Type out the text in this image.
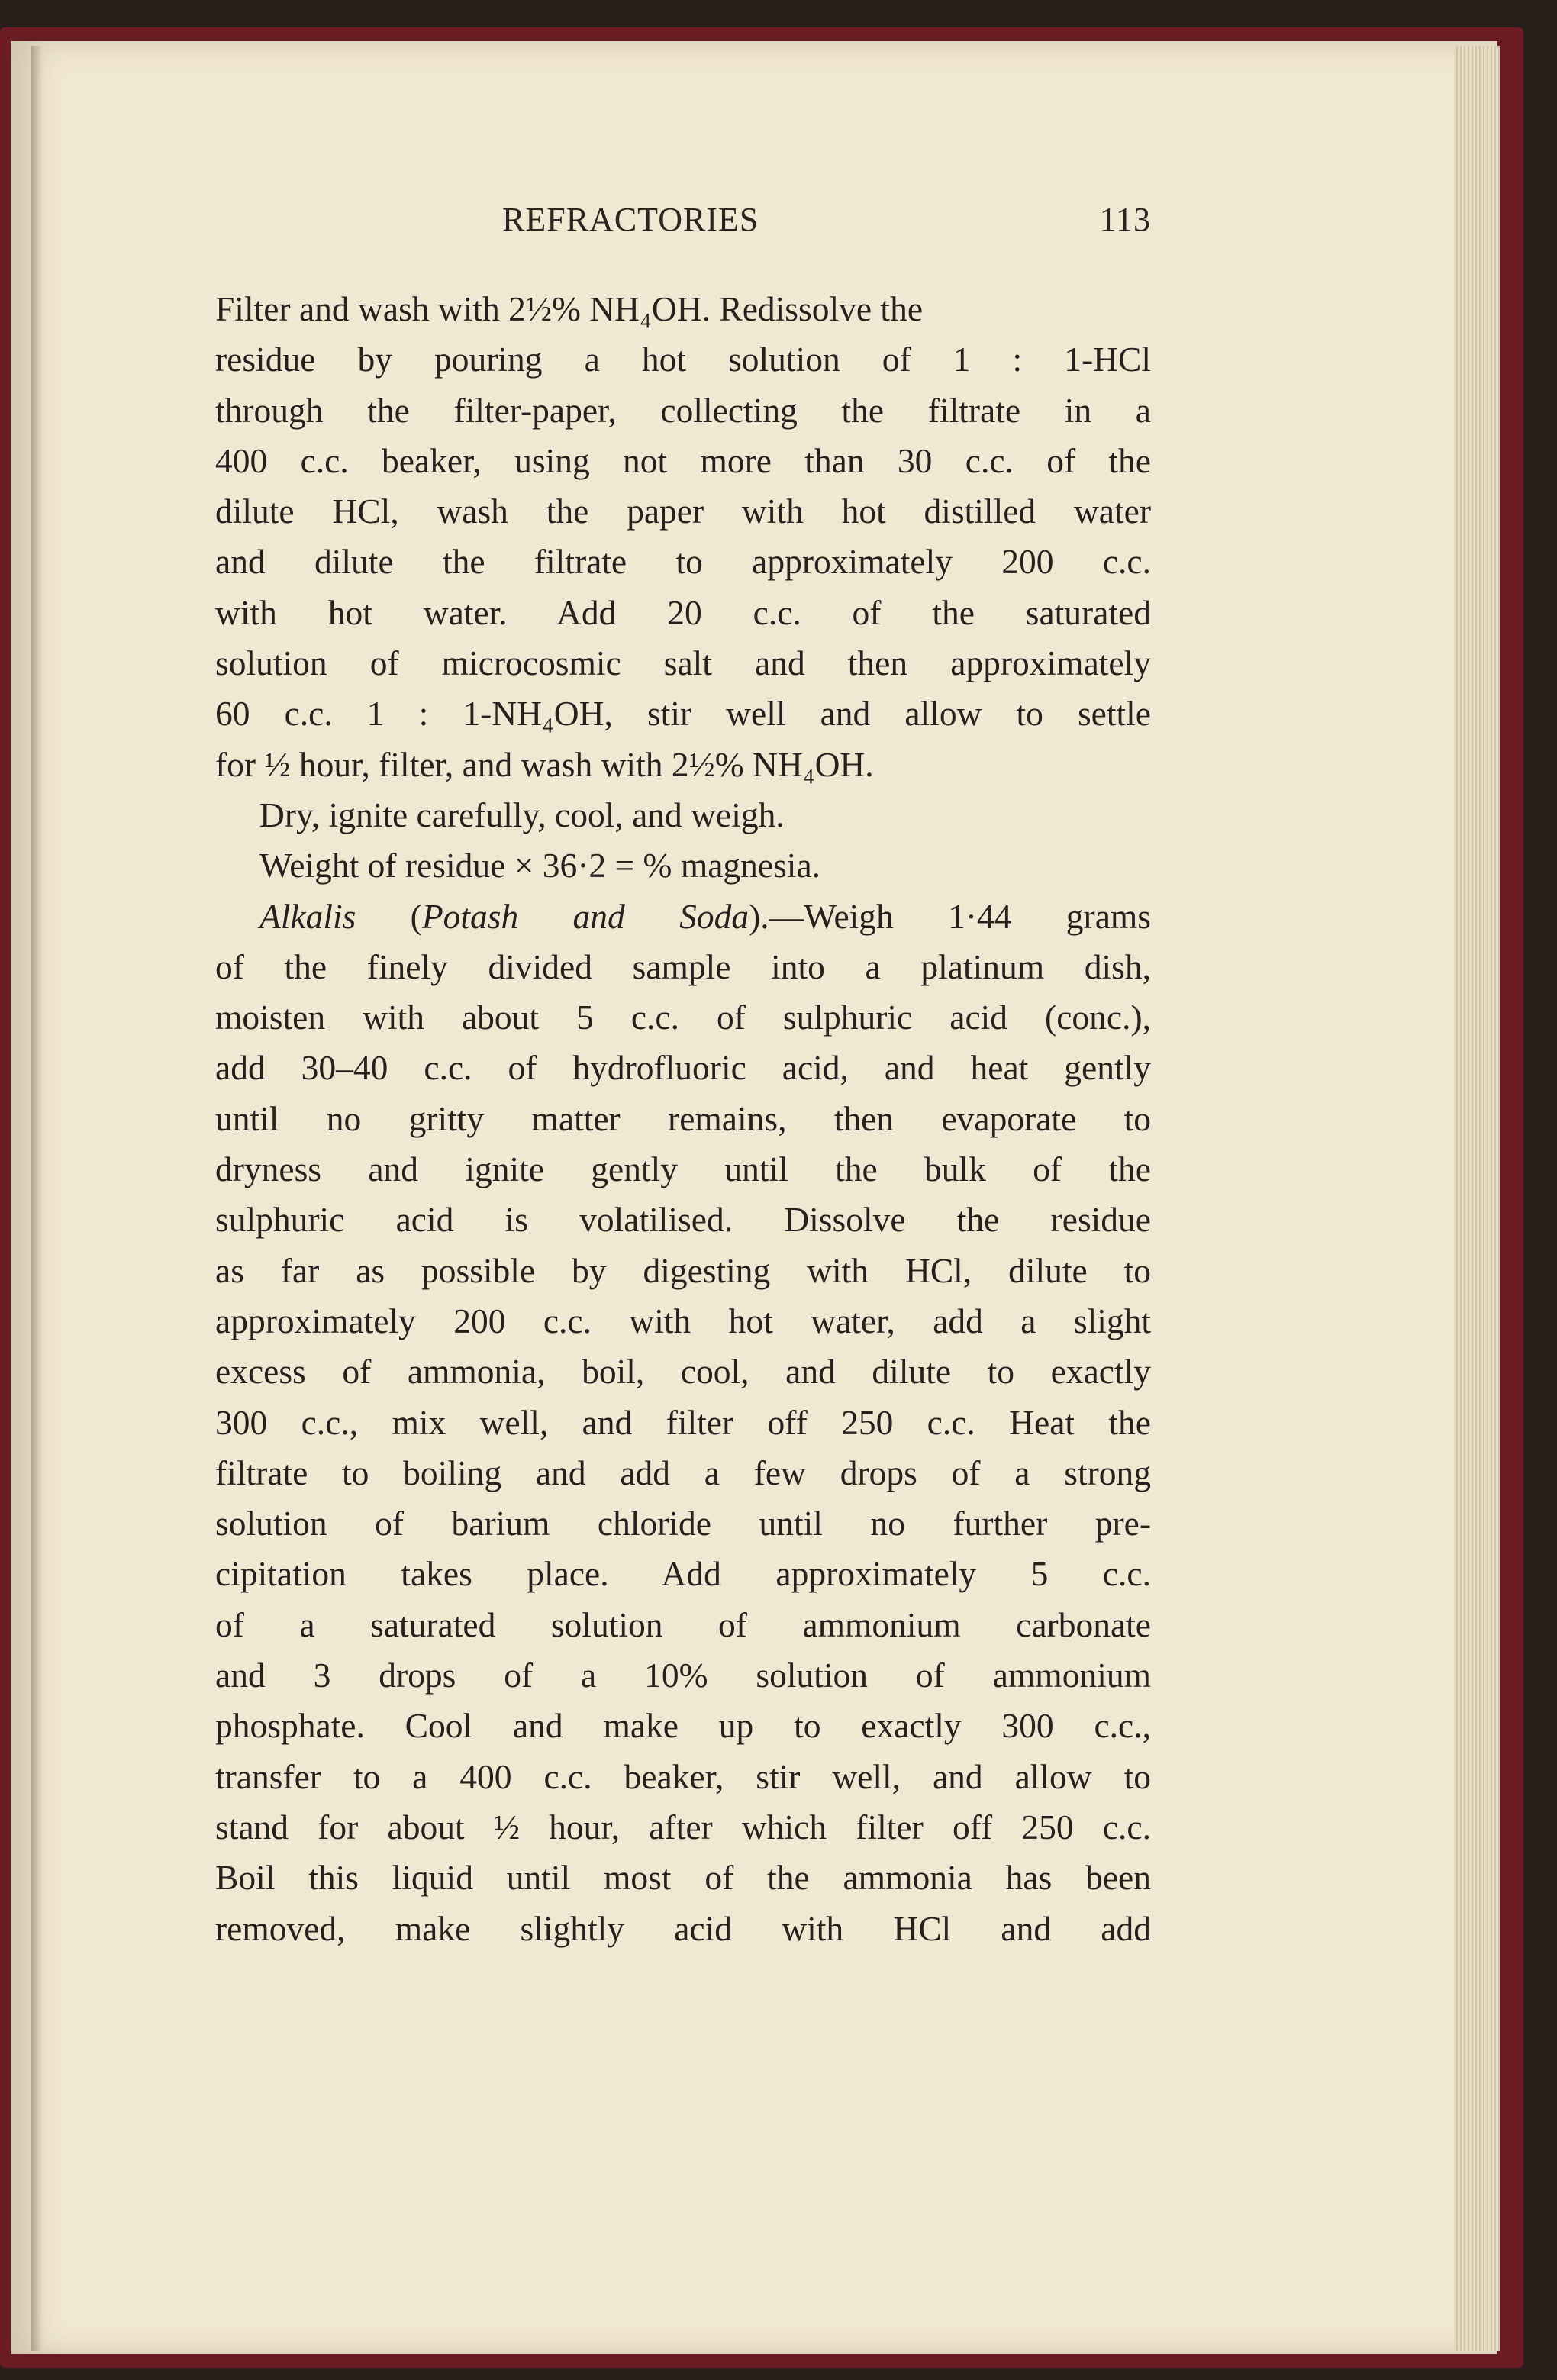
REFRACTORIES	113
Filter and wash with 2½% NH₄OH. Redissolve the
residue by pouring a hot solution of 1 : 1-HCl
through the filter-paper, collecting the filtrate in a
400 c.c. beaker, using not more than 30 c.c. of the
dilute HCl, wash the paper with hot distilled water
and dilute the filtrate to approximately 200 c.c.
with hot water. Add 20 c.c. of the saturated
solution of microcosmic salt and then approximately
60 c.c. 1 : 1-NH₄OH, stir well and allow to settle
for ½ hour, filter, and wash with 2½% NH₄OH.
Dry, ignite carefully, cool, and weigh.
Weight of residue × 36·2 = % magnesia.
Alkalis (Potash and Soda).—Weigh 1·44 grams
of the finely divided sample into a platinum dish,
moisten with about 5 c.c. of sulphuric acid (conc.),
add 30–40 c.c. of hydrofluoric acid, and heat gently
until no gritty matter remains, then evaporate to
dryness and ignite gently until the bulk of the
sulphuric acid is volatilised. Dissolve the residue
as far as possible by digesting with HCl, dilute to
approximately 200 c.c. with hot water, add a slight
excess of ammonia, boil, cool, and dilute to exactly
300 c.c., mix well, and filter off 250 c.c. Heat the
filtrate to boiling and add a few drops of a strong
solution of barium chloride until no further pre-
cipitation takes place. Add approximately 5 c.c.
of a saturated solution of ammonium carbonate
and 3 drops of a 10% solution of ammonium
phosphate. Cool and make up to exactly 300 c.c.,
transfer to a 400 c.c. beaker, stir well, and allow to
stand for about ½ hour, after which filter off 250 c.c.
Boil this liquid until most of the ammonia has been
removed, make slightly acid with HCl and add
